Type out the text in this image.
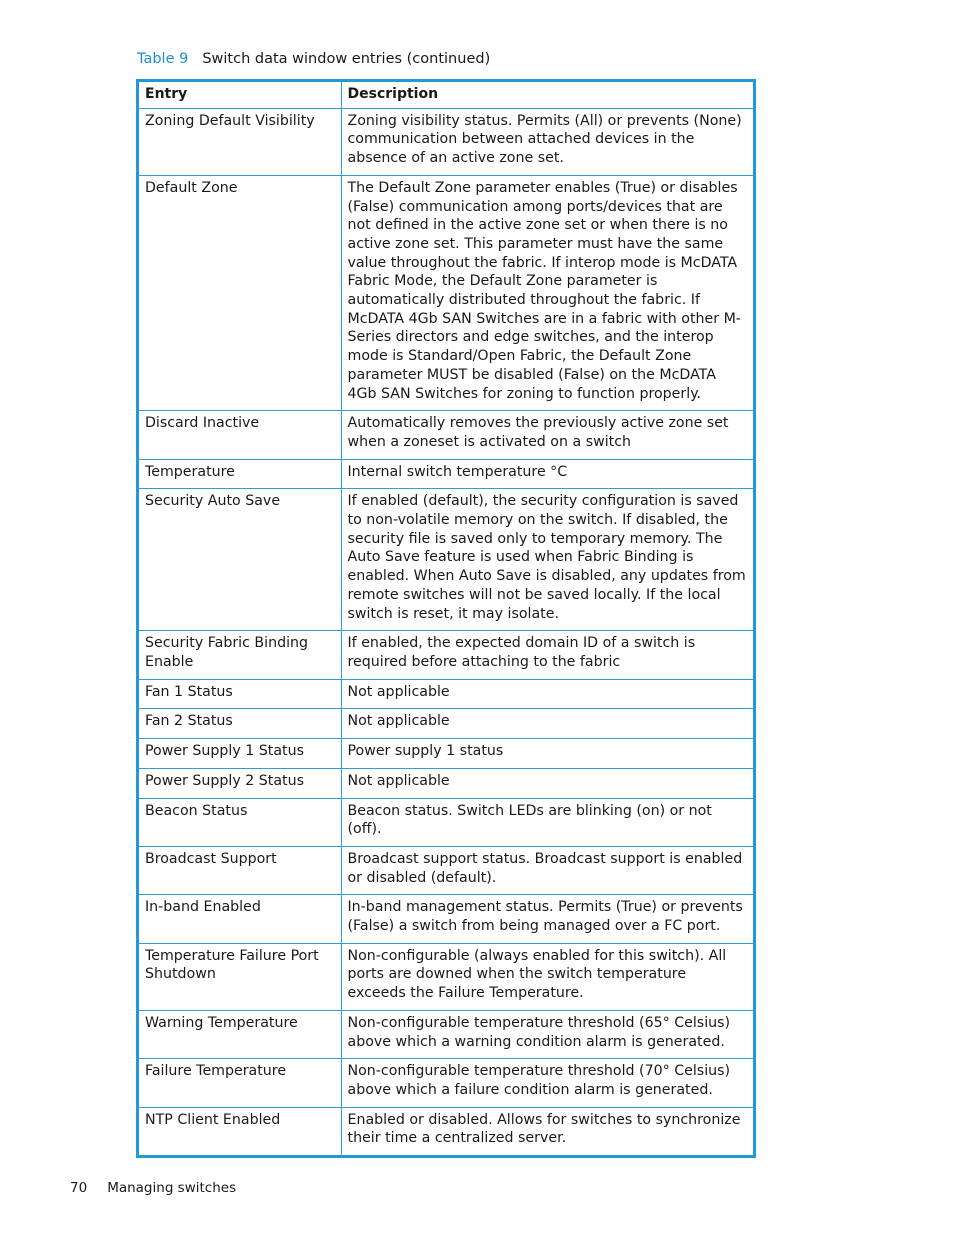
Table 9 Switch data window entries (continued)
Entry	Description
Zoning Default Visibility	Zoning visibility status. Permits (All) or prevents (None) communication between attached devices in the absence of an active zone set.
Default Zone	The Default Zone parameter enables (True) or disables (False) communication among ports/devices that are not defined in the active zone set or when there is no active zone set. This parameter must have the same value throughout the fabric. If interop mode is McDATA Fabric Mode, the Default Zone parameter is automatically distributed throughout the fabric. If McDATA 4Gb SAN Switches are in a fabric with other M-Series directors and edge switches, and the interop mode is Standard/Open Fabric, the Default Zone parameter MUST be disabled (False) on the McDATA 4Gb SAN Switches for zoning to function properly.
Discard Inactive	Automatically removes the previously active zone set when a zoneset is activated on a switch
Temperature	Internal switch temperature °C
Security Auto Save	If enabled (default), the security configuration is saved to non-volatile memory on the switch. If disabled, the security file is saved only to temporary memory. The Auto Save feature is used when Fabric Binding is enabled. When Auto Save is disabled, any updates from remote switches will not be saved locally. If the local switch is reset, it may isolate.
Security Fabric Binding Enable	If enabled, the expected domain ID of a switch is required before attaching to the fabric
Fan 1 Status	Not applicable
Fan 2 Status	Not applicable
Power Supply 1 Status	Power supply 1 status
Power Supply 2 Status	Not applicable
Beacon Status	Beacon status. Switch LEDs are blinking (on) or not (off).
Broadcast Support	Broadcast support status. Broadcast support is enabled or disabled (default).
In-band Enabled	In-band management status. Permits (True) or prevents (False) a switch from being managed over a FC port.
Temperature Failure Port Shutdown	Non-configurable (always enabled for this switch). All ports are downed when the switch temperature exceeds the Failure Temperature.
Warning Temperature	Non-configurable temperature threshold (65° Celsius) above which a warning condition alarm is generated.
Failure Temperature	Non-configurable temperature threshold (70° Celsius) above which a failure condition alarm is generated.
NTP Client Enabled	Enabled or disabled. Allows for switches to synchronize their time a centralized server.
70 Managing switches
